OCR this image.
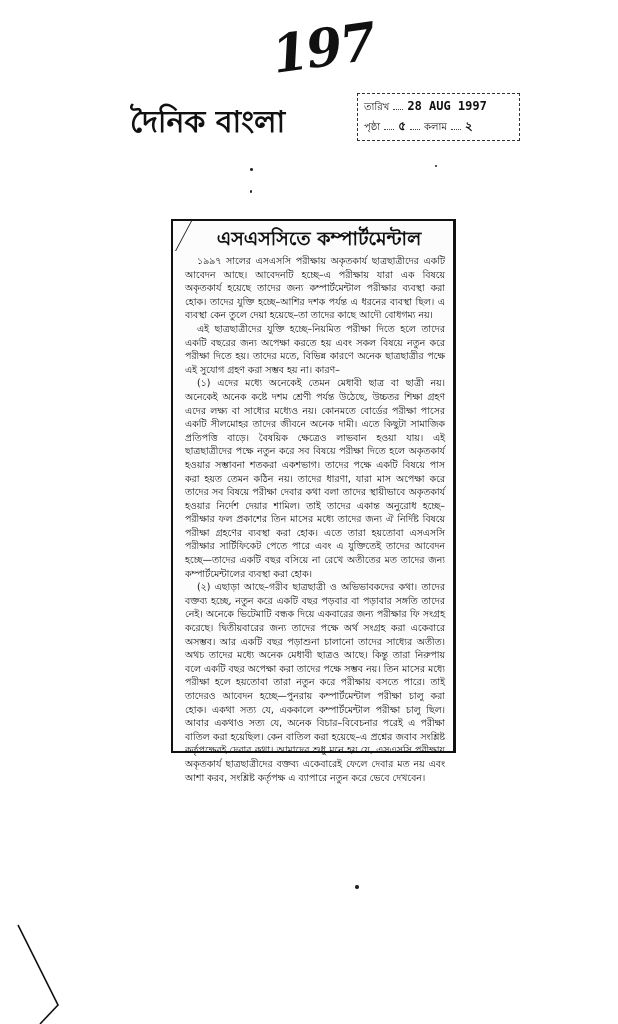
197
দৈনিক বাংলা	তারিখ 28 AUG 1997
পৃষ্ঠা ৫ কলাম ২
এসএসসিতে কম্পার্টমেন্টাল

১৯৯৭ সালের এসএসসি পরীক্ষায় অকৃতকার্য ছাত্রছাত্রীদের একটি আবেদন আছে। আবেদনটি হচ্ছে–এ পরীক্ষায় যারা এক বিষয়ে অকৃতকার্য হয়েছে তাদের জন্য কম্পার্টমেন্টাল পরীক্ষার ব্যবস্থা করা হোক। তাদের যুক্তি হচ্ছে–আশির দশক পর্যন্ত এ ধরনের ব্যবস্থা ছিল। এ ব্যবস্থা কেন তুলে দেয়া হয়েছে–তা তাদের কাছে আদৌ বোধগম্য নয়।

এই ছাত্রছাত্রীদের যুক্তি হচ্ছে–নিয়মিত পরীক্ষা দিতে হলে তাদের একটি বছরের জন্য অপেক্ষা করতে হয় এবং সকল বিষয়ে নতুন করে পরীক্ষা দিতে হয়। তাদের মতে, বিভিন্ন কারণে অনেক ছাত্রছাত্রীর পক্ষে এই সুযোগ গ্রহণ করা সম্ভব হয় না। কারণ–

(১) এদের মধ্যে অনেকেই তেমন মেধাবী ছাত্র বা ছাত্রী নয়। অনেকেই অনেক কষ্টে দশম শ্রেণী পর্যন্ত উঠেছে, উচ্চতর শিক্ষা গ্রহণ এদের লক্ষ্য বা সাধ্যের মধ্যেও নয়। কোনমতে বোর্ডের পরীক্ষা পাসের একটি সীলমোহর তাদের জীবনে অনেক দামী। এতে কিছুটা সামাজিক প্রতিপত্তি বাড়ে। বৈষয়িক ক্ষেত্রেও লাভবান হওয়া যায়। এই ছাত্রছাত্রীদের পক্ষে নতুন করে সব বিষয়ে পরীক্ষা দিতে হলে অকৃতকার্য হওয়ার সম্ভাবনা শতকরা একশভাগ। তাদের পক্ষে একটি বিষয়ে পাস করা হয়ত তেমন কঠিন নয়। তাদের ধারণা, যারা মাস অপেক্ষা করে তাদের সব বিষয়ে পরীক্ষা দেবার কথা বলা তাদের স্থায়ীভাবে অকৃতকার্য হওয়ার নির্দেশ দেয়ার শামিল। তাই তাদের একান্ত অনুরোধ হচ্ছে–পরীক্ষার ফল প্রকাশের তিন মাসের মধ্যে তাদের জন্য ঐ নির্দিষ্ট বিষয়ে পরীক্ষা গ্রহণের ব্যবস্থা করা হোক। এতে তারা হয়তোবা এসএসসি পরীক্ষার সার্টিফিকেট পেতে পারে এবং এ যুক্তিতেই তাদের আবেদন হচ্ছে—তাদের একটি বছর বসিয়ে না রেখে অতীতের মত তাদের জন্য কম্পার্টমেন্টালের ব্যবস্থা করা হোক।

(২) এছাড়া আছে–গরীব ছাত্রছাত্রী ও অভিভাবকদের কথা। তাদের বক্তব্য হচ্ছে, নতুন করে একটি বছর পড়বার বা পড়াবার সঙ্গতি তাদের নেই। অনেকে ভিটেমাটি বন্ধক দিয়ে একবারের জন্য পরীক্ষার ফি সংগ্রহ করেছে। দ্বিতীয়বারের জন্য তাদের পক্ষে অর্থ সংগ্রহ করা একেবারে অসম্ভব। আর একটি বছর পড়াশুনা চালানো তাদের সাধ্যের অতীত। অথচ তাদের মধ্যে অনেক মেধাবী ছাত্রও আছে। কিন্তু তারা নিরুপায় বলে একটি বছর অপেক্ষা করা তাদের পক্ষে সম্ভব নয়। তিন মাসের মধ্যে পরীক্ষা হলে হয়তোবা তারা নতুন করে পরীক্ষায় বসতে পারে। তাই তাদেরও আবেদন হচ্ছে—পুনরায় কম্পার্টমেন্টাল পরীক্ষা চালু করা হোক। একথা সত্য যে, এককালে কম্পার্টমেন্টাল পরীক্ষা চালু ছিল। আবার একথাও সত্য যে, অনেক বিচার–বিবেচনার পরেই এ পরীক্ষা বাতিল করা হয়েছিল। কেন বাতিল করা হয়েছে–এ প্রশ্নের জবাব সংশ্লিষ্ট কর্তৃপক্ষেরই দেবার কথা। আমাদের শুধু মনে হয় যে, এসএসসি পরীক্ষায় অকৃতকার্য ছাত্রছাত্রীদের বক্তব্য একেবারেই ফেলে দেবার মত নয় এবং আশা করব, সংশ্লিষ্ট কর্তৃপক্ষ এ ব্যাপারে নতুন করে ভেবে দেখবেন।
